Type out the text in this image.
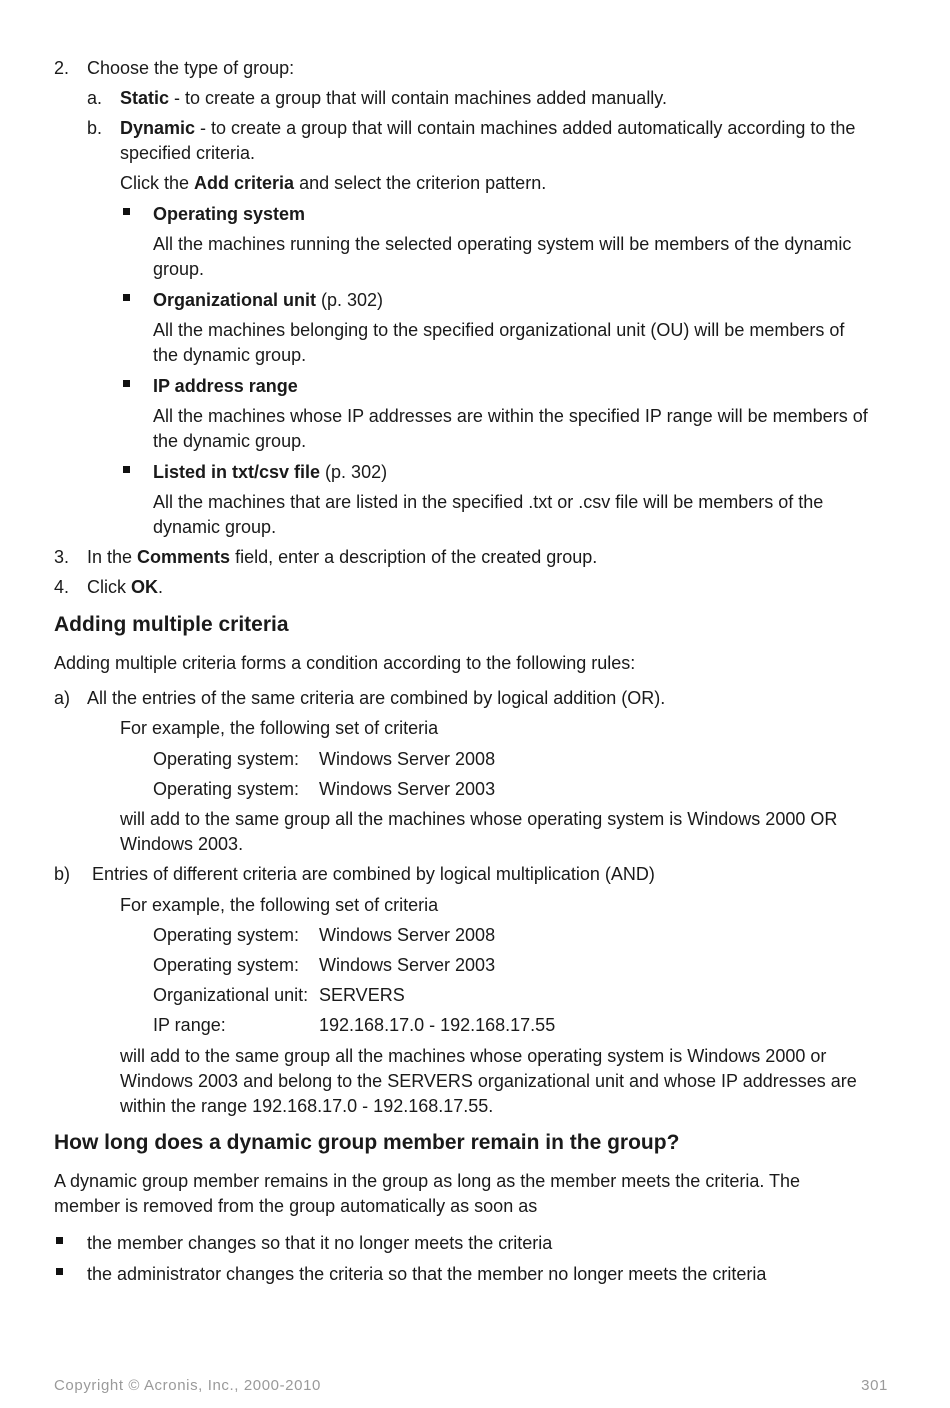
2. Choose the type of group:
a. Static - to create a group that will contain machines added manually.
b. Dynamic - to create a group that will contain machines added automatically according to the
specified criteria.
Click the Add criteria and select the criterion pattern.
Operating system
All the machines running the selected operating system will be members of the dynamic
group.
Organizational unit (p. 302)
All the machines belonging to the specified organizational unit (OU) will be members of
the dynamic group.
IP address range
All the machines whose IP addresses are within the specified IP range will be members of
the dynamic group.
Listed in txt/csv file (p. 302)
All the machines that are listed in the specified .txt or .csv file will be members of the
dynamic group.
3. In the Comments field, enter a description of the created group.
4. Click OK.
Adding multiple criteria
Adding multiple criteria forms a condition according to the following rules:
a) All the entries of the same criteria are combined by logical addition (OR).
For example, the following set of criteria
Operating system: Windows Server 2008
Operating system: Windows Server 2003
will add to the same group all the machines whose operating system is Windows 2000 OR
Windows 2003.
b) Entries of different criteria are combined by logical multiplication (AND)
For example, the following set of criteria
Operating system: Windows Server 2008
Operating system: Windows Server 2003
Organizational unit: SERVERS
IP range:	192.168.17.0 - 192.168.17.55
will add to the same group all the machines whose operating system is Windows 2000 or
Windows 2003 and belong to the SERVERS organizational unit and whose IP addresses are
within the range 192.168.17.0 - 192.168.17.55.
How long does a dynamic group member remain in the group?
A dynamic group member remains in the group as long as the member meets the criteria. The
member is removed from the group automatically as soon as
the member changes so that it no longer meets the criteria
the administrator changes the criteria so that the member no longer meets the criteria
Copyright © Acronis, Inc., 2000-2010	301
